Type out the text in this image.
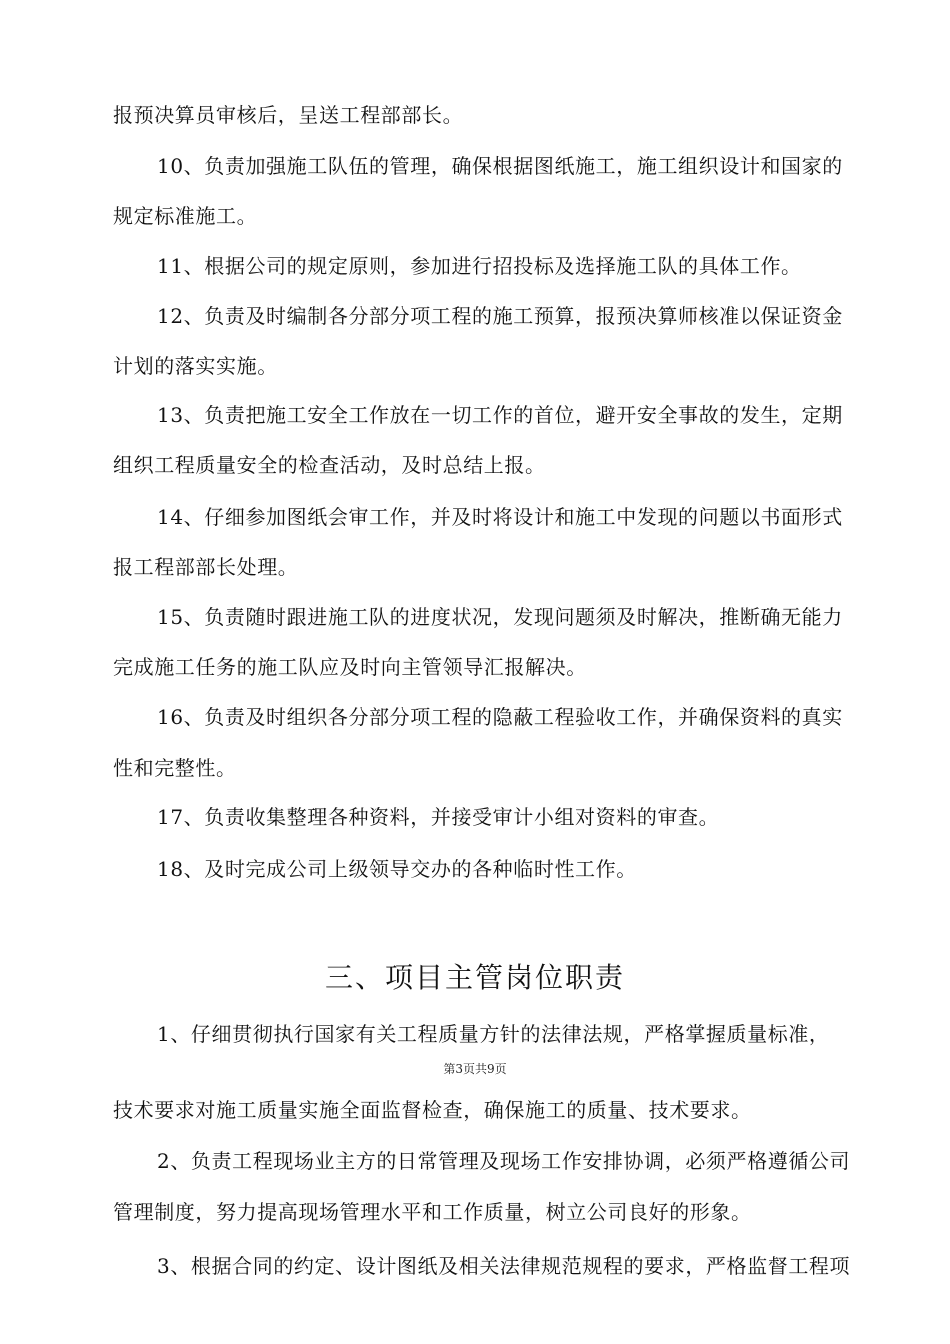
报预决算员审核后，呈送工程部部长。
10、负责加强施工队伍的管理，确保根据图纸施工，施工组织设计和国家的
规定标准施工。
11、根据公司的规定原则，参加进行招投标及选择施工队的具体工作。
12、负责及时编制各分部分项工程的施工预算，报预决算师核准以保证资金
计划的落实实施。
13、负责把施工安全工作放在一切工作的首位，避开安全事故的发生，定期
组织工程质量安全的检查活动，及时总结上报。
14、仔细参加图纸会审工作，并及时将设计和施工中发现的问题以书面形式
报工程部部长处理。
15、负责随时跟进施工队的进度状况，发现问题须及时解决，推断确无能力
完成施工任务的施工队应及时向主管领导汇报解决。
16、负责及时组织各分部分项工程的隐蔽工程验收工作，并确保资料的真实
性和完整性。
17、负责收集整理各种资料，并接受审计小组对资料的审查。
18、及时完成公司上级领导交办的各种临时性工作。
三、项目主管岗位职责
1、仔细贯彻执行国家有关工程质量方针的法律法规，严格掌握质量标准，
第3页共9页
技术要求对施工质量实施全面监督检查，确保施工的质量、技术要求。
2、负责工程现场业主方的日常管理及现场工作安排协调，必须严格遵循公司
管理制度，努力提高现场管理水平和工作质量，树立公司良好的形象。
3、根据合同的约定、设计图纸及相关法律规范规程的要求，严格监督工程项
